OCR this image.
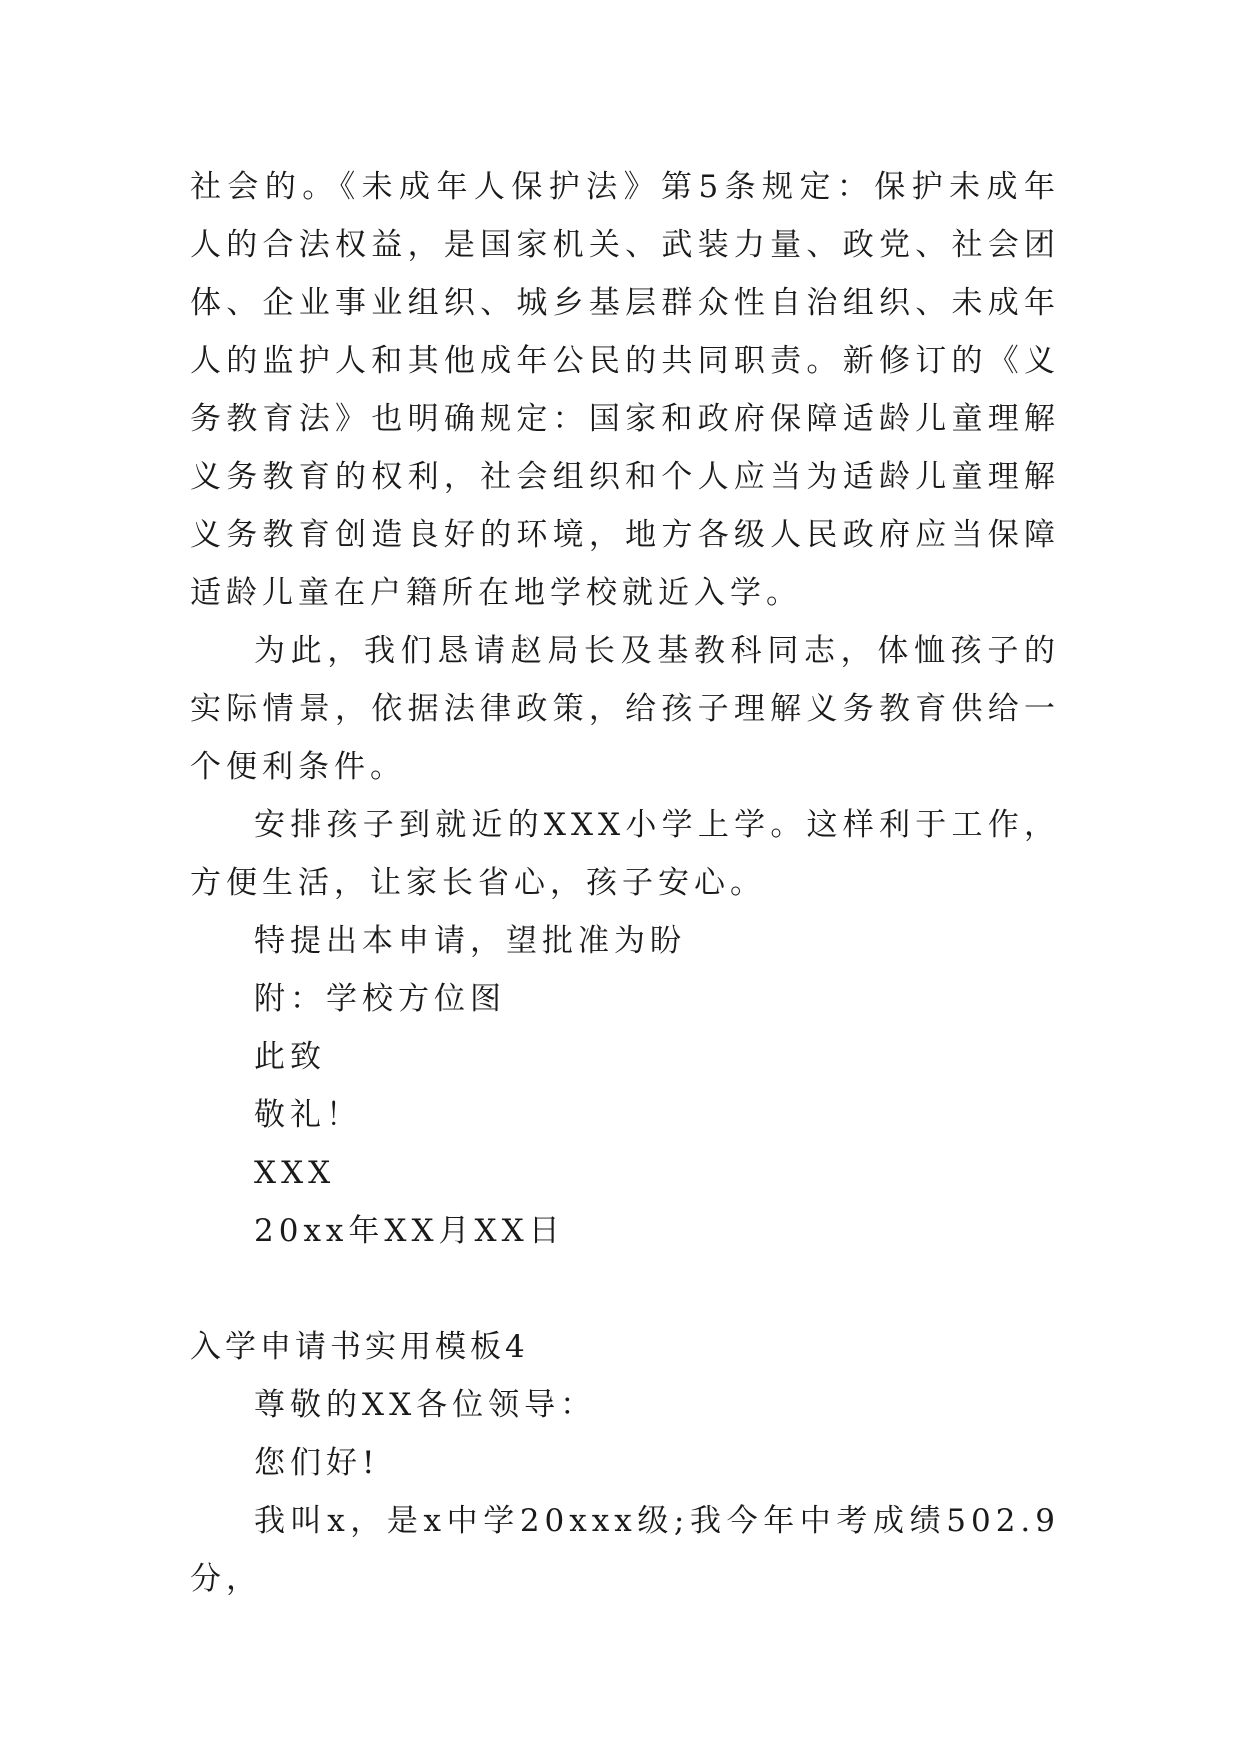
社会的。《未成年人保护法》第5条规定：保护未成年人的合法权益，是国家机关、武装力量、政党、社会团体、企业事业组织、城乡基层群众性自治组织、未成年人的监护人和其他成年公民的共同职责。新修订的《义务教育法》也明确规定：国家和政府保障适龄儿童理解义务教育的权利，社会组织和个人应当为适龄儿童理解义务教育创造良好的环境，地方各级人民政府应当保障适龄儿童在户籍所在地学校就近入学。

为此，我们恳请赵局长及基教科同志，体恤孩子的实际情景，依据法律政策，给孩子理解义务教育供给一个便利条件。

安排孩子到就近的XXX小学上学。这样利于工作，方便生活，让家长省心，孩子安心。

特提出本申请，望批准为盼

附：学校方位图

此致

敬礼！

XXX

20xx年XX月XX日

入学申请书实用模板4

尊敬的XX各位领导：

您们好!

我叫x，是x中学20xxx级;我今年中考成绩502.9分，
